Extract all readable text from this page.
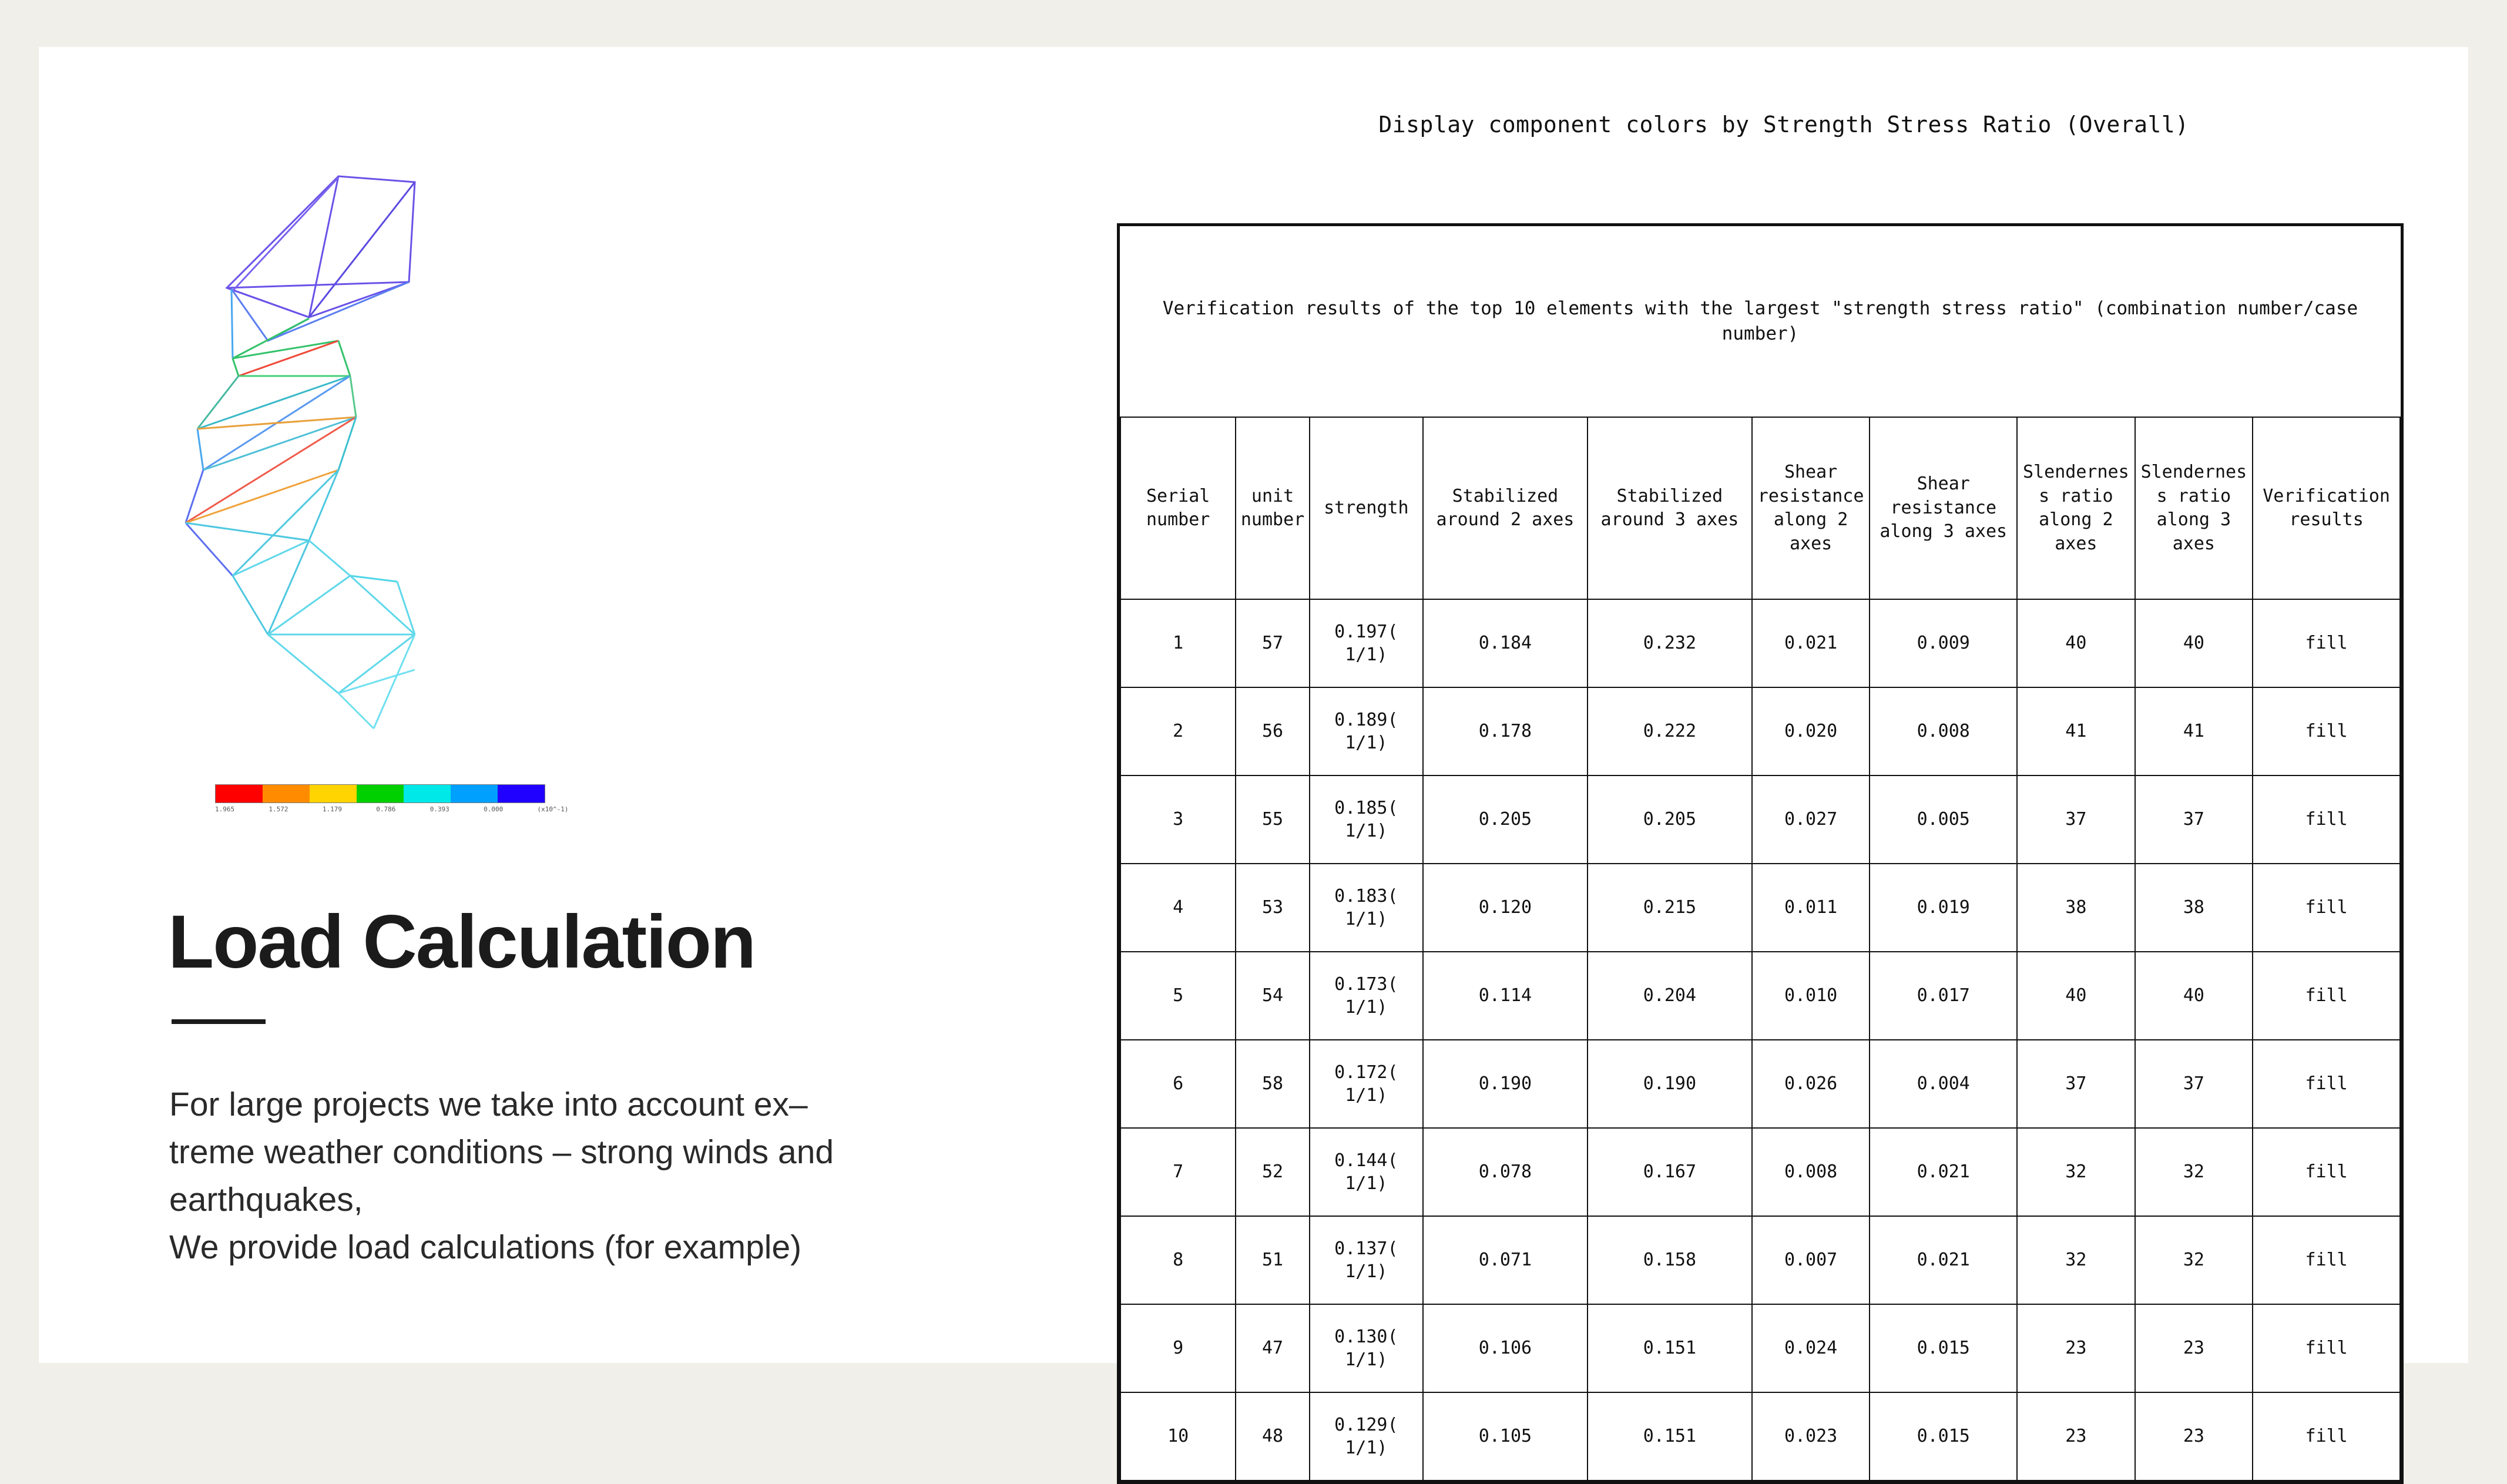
1.965	1.572	1.179	0.786	0.393	0.000	(x10^-1)
Load Calculation

For large projects we take into account ex–

treme weather conditions – strong winds and

earthquakes,

We provide load calculations (for example)

Display component colors by Strength Stress Ratio (Overall)
Verification results of the top 10 elements with the largest "strength stress ratio" (combination number/case number)									
Serial number	unit number	strength	Stabilized around 2 axes	Stabilized around 3 axes	Shear resistance along 2 axes	Shear resistance along 3 axes	Slenderness ratio along 2 axes	Slenderness ratio along 3 axes	Verification results
1	57	0.197(
1/1)	0.184	0.232	0.021	0.009	40	40	fill
2	56	0.189(
1/1)	0.178	0.222	0.020	0.008	41	41	fill
3	55	0.185(
1/1)	0.205	0.205	0.027	0.005	37	37	fill
4	53	0.183(
1/1)	0.120	0.215	0.011	0.019	38	38	fill
5	54	0.173(
1/1)	0.114	0.204	0.010	0.017	40	40	fill
6	58	0.172(
1/1)	0.190	0.190	0.026	0.004	37	37	fill
7	52	0.144(
1/1)	0.078	0.167	0.008	0.021	32	32	fill
8	51	0.137(
1/1)	0.071	0.158	0.007	0.021	32	32	fill
9	47	0.130(
1/1)	0.106	0.151	0.024	0.015	23	23	fill
10	48	0.129(
1/1)	0.105	0.151	0.023	0.015	23	23	fill
